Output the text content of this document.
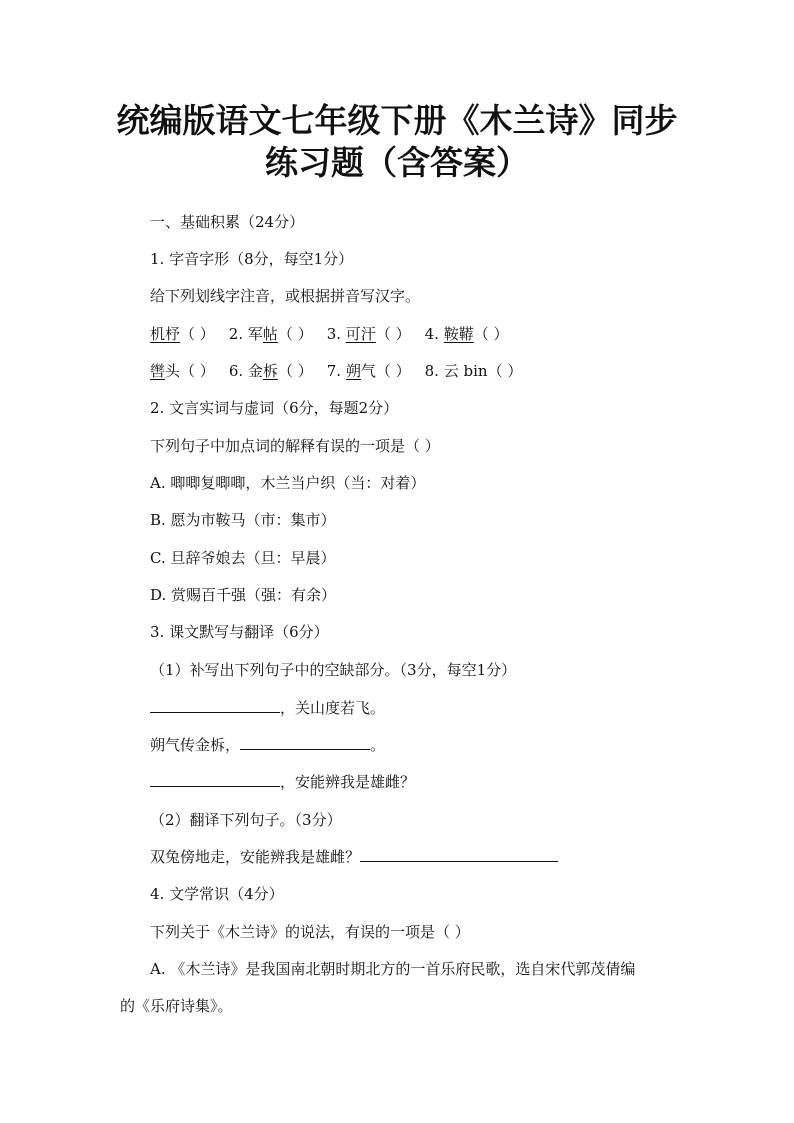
统编版语文七年级下册《木兰诗》同步
练习题（含答案）
一、基础积累（24分）
1. 字音字形（8分，每空1分）
给下列划线字注音，或根据拼音写汉字。
机杼（ ） 2. 军帖（ ） 3. 可汗（ ） 4. 鞍鞯（ ）
辔头（ ） 6. 金柝（ ） 7. 朔气（ ） 8. 云 bin（ ）
2. 文言实词与虚词（6分，每题2分）
下列句子中加点词的解释有误的一项是（ ）
A. 唧唧复唧唧，木兰当户织（当：对着）
B. 愿为市鞍马（市：集市）
C. 旦辞爷娘去（旦：早晨）
D. 赏赐百千强（强：有余）
3. 课文默写与翻译（6分）
（1）补写出下列句子中的空缺部分。（3分，每空1分）
，关山度若飞。
朔气传金柝，	。
，安能辨我是雄雌？
（2）翻译下列句子。（3分）
双兔傍地走，安能辨我是雄雌？
4. 文学常识（4分）
下列关于《木兰诗》的说法，有误的一项是（ ）
A. 《木兰诗》是我国南北朝时期北方的一首乐府民歌，选自宋代郭茂倩编
的《乐府诗集》。
